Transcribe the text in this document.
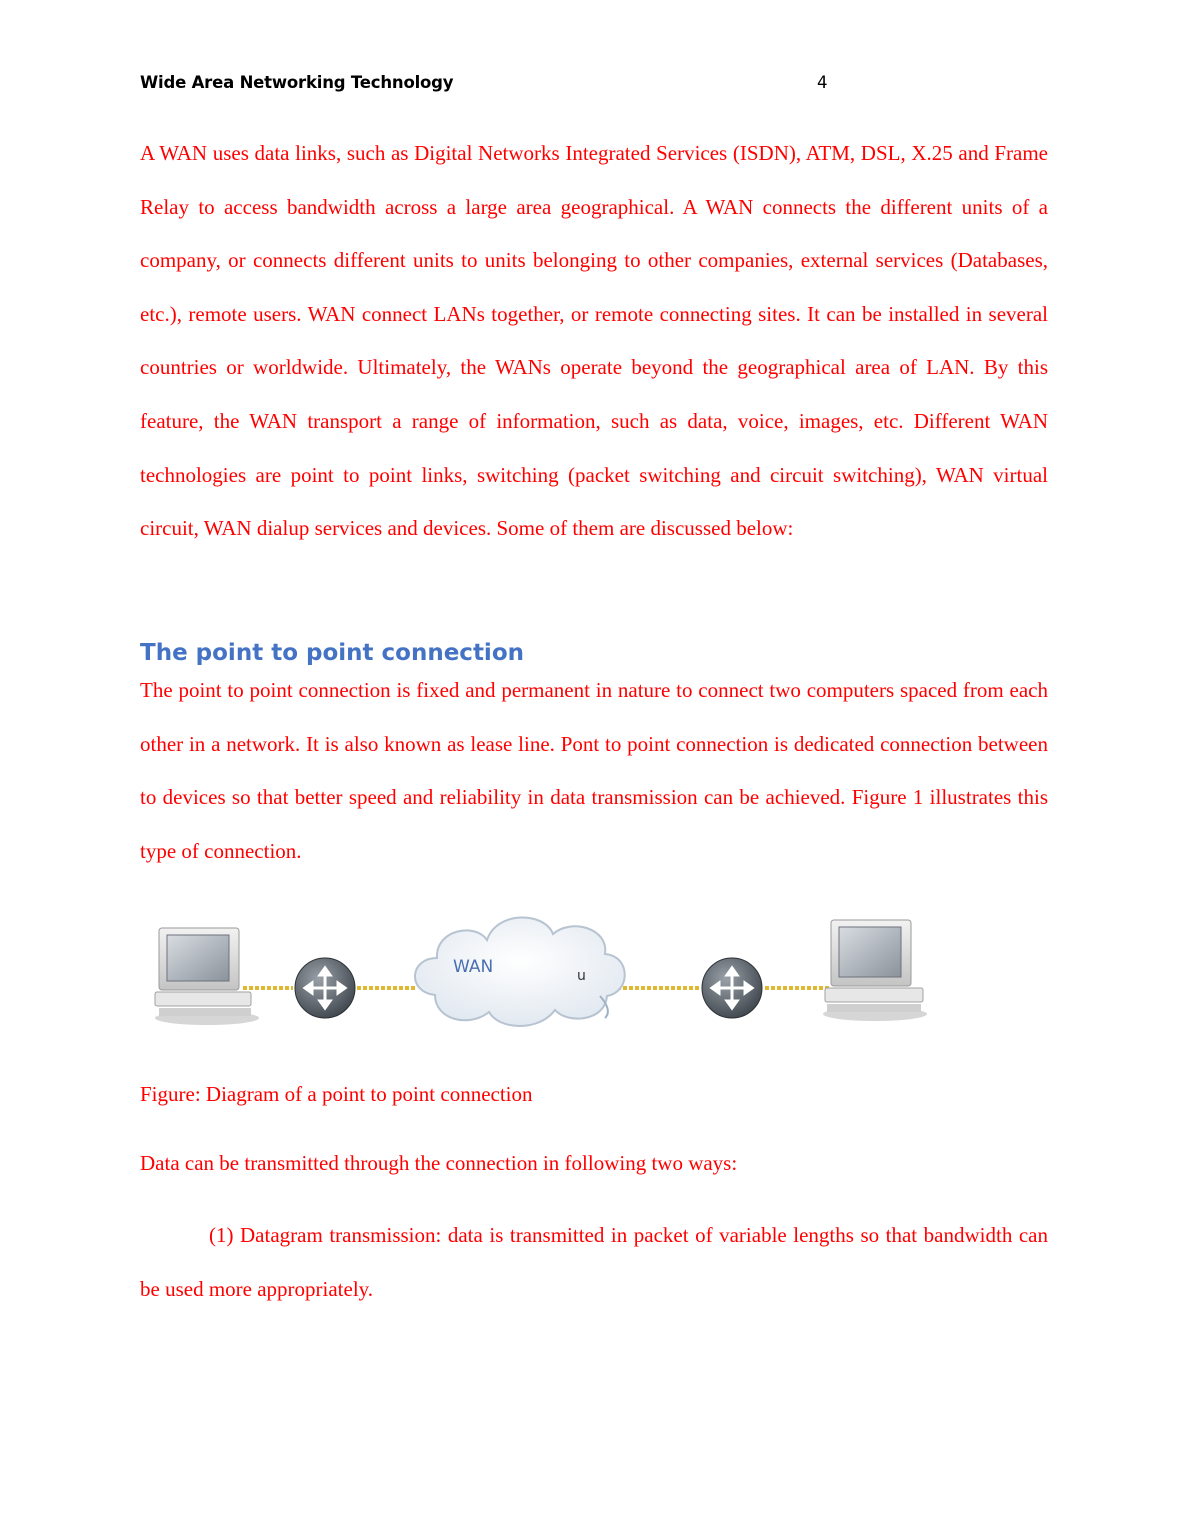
Wide Area Networking Technology	4
A WAN uses data links, such as Digital Networks Integrated Services (ISDN), ATM, DSL, X.25 and Frame Relay to access bandwidth across a large area geographical. A WAN connects the different units of a company, or connects different units to units belonging to other companies, external services (Databases, etc.), remote users. WAN connect LANs together, or remote connecting sites. It can be installed in several countries or worldwide. Ultimately, the WANs operate beyond the geographical area of LAN. By this feature, the WAN transport a range of information, such as data, voice, images, etc. Different WAN technologies are point to point links, switching (packet switching and circuit switching), WAN virtual circuit, WAN dialup services and devices. Some of them are discussed below:
The point to point connection
The point to point connection is fixed and permanent in nature to connect two computers spaced from each other in a network. It is also known as lease line. Pont to point connection is dedicated connection between to devices so that better speed and reliability in data transmission can be achieved. Figure 1 illustrates this type of connection.
WAN	u
Figure: Diagram of a point to point connection
Data can be transmitted through the connection in following two ways:
(1) Datagram transmission: data is transmitted in packet of variable lengths so that bandwidth can be used more appropriately.
